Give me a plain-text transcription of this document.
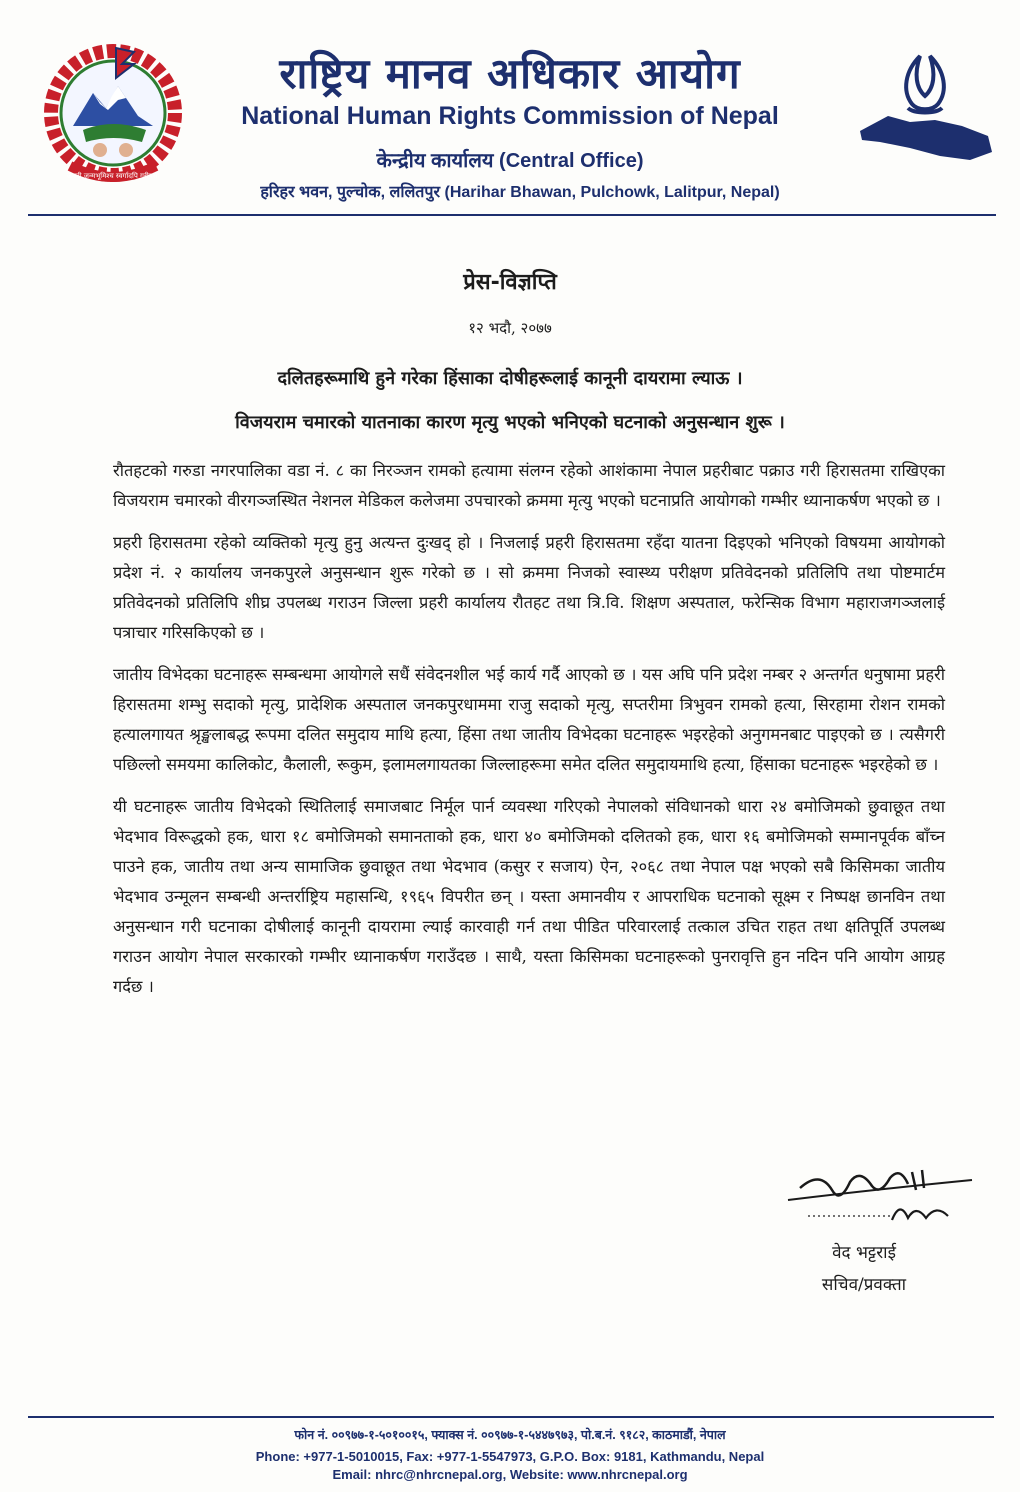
जननी जन्मभूमिश्च स्वर्गादपि गरीयसी
राष्ट्रिय मानव अधिकार आयोग
National Human Rights Commission of Nepal
केन्द्रीय कार्यालय (Central Office)
हरिहर भवन, पुल्चोक, ललितपुर (Harihar Bhawan, Pulchowk, Lalitpur, Nepal)
प्रेस-विज्ञप्ति
१२ भदौ, २०७७
दलितहरूमाथि हुने गरेका हिंसाका दोषीहरूलाई कानूनी दायरामा ल्याऊ ।
विजयराम चमारको यातनाका कारण मृत्यु भएको भनिएको घटनाको अनुसन्धान शुरू ।

रौतहटको गरुडा नगरपालिका वडा नं. ८ का निरञ्जन रामको हत्यामा संलग्न रहेको आशंकामा नेपाल प्रहरीबाट पक्राउ गरी हिरासतमा राखिएका विजयराम चमारको वीरगञ्जस्थित नेशनल मेडिकल कलेजमा उपचारको क्रममा मृत्यु भएको घटनाप्रति आयोगको गम्भीर ध्यानाकर्षण भएको छ ।

प्रहरी हिरासतमा रहेको व्यक्तिको मृत्यु हुनु अत्यन्त दुःखद् हो । निजलाई प्रहरी हिरासतमा रहँदा यातना दिइएको भनिएको विषयमा आयोगको प्रदेश नं. २ कार्यालय जनकपुरले अनुसन्धान शुरू गरेको छ । सो क्रममा निजको स्वास्थ्य परीक्षण प्रतिवेदनको प्रतिलिपि तथा पोष्टमार्टम प्रतिवेदनको प्रतिलिपि शीघ्र उपलब्ध गराउन जिल्ला प्रहरी कार्यालय रौतहट तथा त्रि.वि. शिक्षण अस्पताल, फरेन्सिक विभाग महाराजगञ्जलाई पत्राचार गरिसकिएको छ ।

जातीय विभेदका घटनाहरू सम्बन्धमा आयोगले सधैं संवेदनशील भई कार्य गर्दै आएको छ । यस अघि पनि प्रदेश नम्बर २ अन्तर्गत धनुषामा प्रहरी हिरासतमा शम्भु सदाको मृत्यु, प्रादेशिक अस्पताल जनकपुरधाममा राजु सदाको मृत्यु, सप्तरीमा त्रिभुवन रामको हत्या, सिरहामा रोशन रामको हत्यालगायत श्रृङ्खलाबद्ध रूपमा दलित समुदाय माथि हत्या, हिंसा तथा जातीय विभेदका घटनाहरू भइरहेको अनुगमनबाट पाइएको छ । त्यसैगरी पछिल्लो समयमा कालिकोट, कैलाली, रूकुम, इलामलगायतका जिल्लाहरूमा समेत दलित समुदायमाथि हत्या, हिंसाका घटनाहरू भइरहेको छ ।

यी घटनाहरू जातीय विभेदको स्थितिलाई समाजबाट निर्मूल पार्न व्यवस्था गरिएको नेपालको संविधानको धारा २४ बमोजिमको छुवाछूत तथा भेदभाव विरूद्धको हक, धारा १८ बमोजिमको समानताको हक, धारा ४० बमोजिमको दलितको हक, धारा १६ बमोजिमको सम्मानपूर्वक बाँच्न पाउने हक, जातीय तथा अन्य सामाजिक छुवाछूत तथा भेदभाव (कसुर र सजाय) ऐन, २०६८ तथा नेपाल पक्ष भएको सबै किसिमका जातीय भेदभाव उन्मूलन सम्बन्धी अन्तर्राष्ट्रिय महासन्धि, १९६५ विपरीत छन् । यस्ता अमानवीय र आपराधिक घटनाको सूक्ष्म र निष्पक्ष छानविन तथा अनुसन्धान गरी घटनाका दोषीलाई कानूनी दायरामा ल्याई कारवाही गर्न तथा पीडित परिवारलाई तत्काल उचित राहत तथा क्षतिपूर्ति उपलब्ध गराउन आयोग नेपाल सरकारको गम्भीर ध्यानाकर्षण गराउँदछ । साथै, यस्ता किसिमका घटनाहरूको पुनरावृत्ति हुन नदिन पनि आयोग आग्रह गर्दछ ।

वेद भट्टराई
सचिव/प्रवक्ता
फोन नं. ००९७७-१-५०१००१५, फ्याक्स नं. ००९७७-१-५४४७९७३, पो.ब.नं. ९१८२, काठमाडौं, नेपाल
Phone: +977-1-5010015, Fax: +977-1-5547973, G.P.O. Box: 9181, Kathmandu, Nepal
Email: nhrc@nhrcnepal.org, Website: www.nhrcnepal.org
